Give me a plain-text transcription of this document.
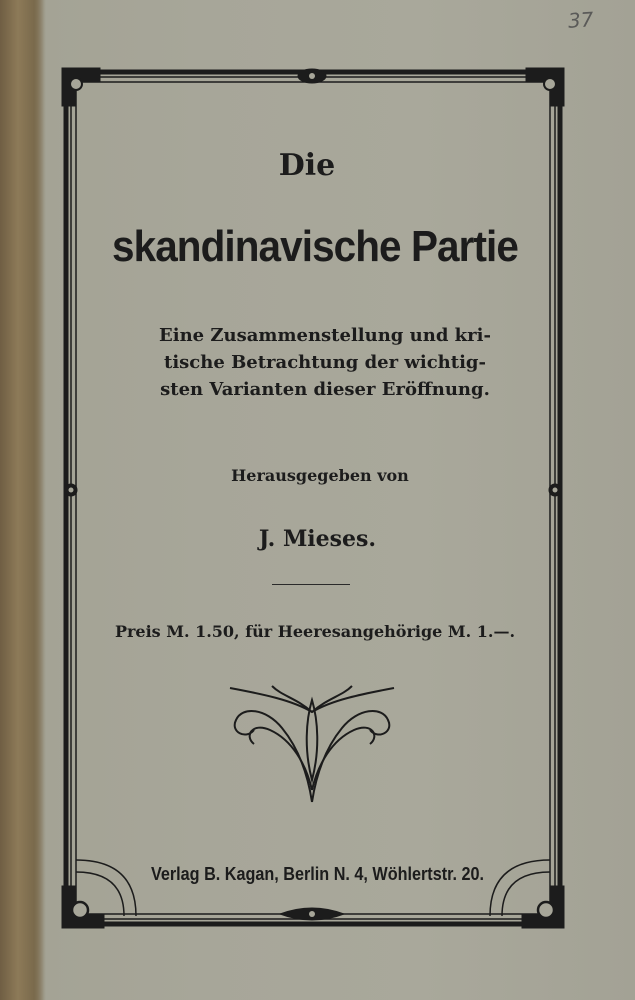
37
Die
skandinavische Partie
Eine Zusammenstellung und kri-
tische Betrachtung der wichtig-
sten Varianten dieser Eröffnung.
Herausgegeben von
J. Mieses.
Preis M. 1.50, für Heeresangehörige M. 1.—.
Verlag B. Kagan, Berlin N. 4, Wöhlertstr. 20.
